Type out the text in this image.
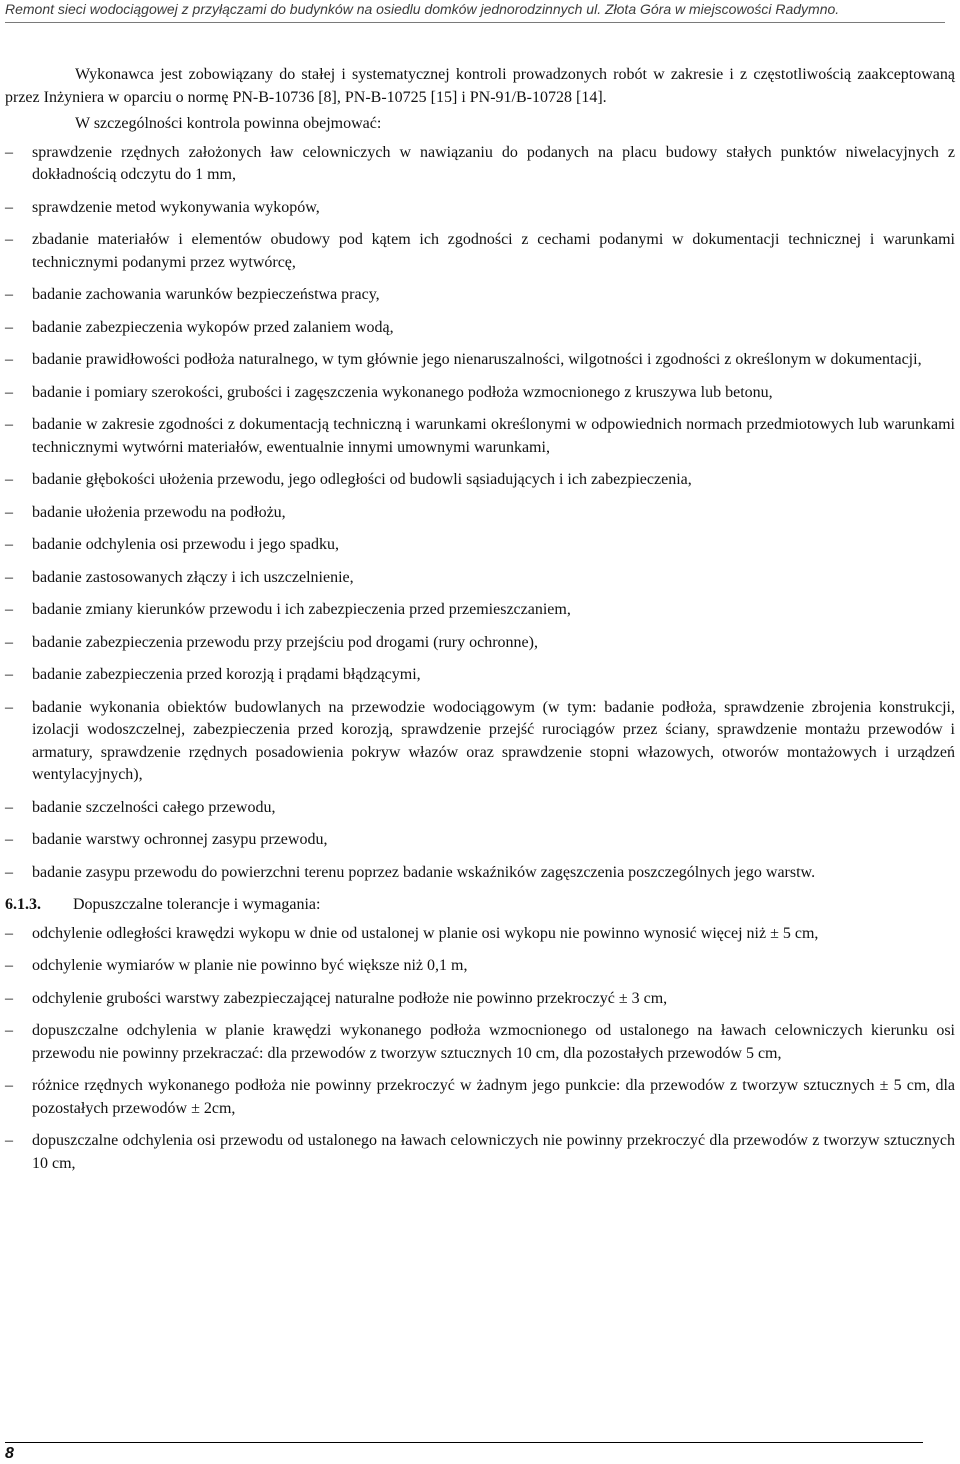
Remont sieci wodociągowej z przyłączami do budynków na osiedlu domków jednorodzinnych ul. Złota Góra w miejscowości Radymno.

Wykonawca jest zobowiązany do stałej i systematycznej kontroli prowadzonych robót w zakresie i z częstotliwością zaakceptowaną przez Inżyniera w oparciu o normę PN-B-10736 [8], PN-B-10725 [15] i PN-91/B-10728 [14].

W szczególności kontrola powinna obejmować:

–	sprawdzenie rzędnych założonych ław celowniczych w nawiązaniu do podanych na placu budowy stałych punktów niwelacyjnych z dokładnością odczytu do 1 mm,
–	sprawdzenie metod wykonywania wykopów,
–	zbadanie materiałów i elementów obudowy pod kątem ich zgodności z cechami podanymi w dokumentacji technicznej i warunkami technicznymi podanymi przez wytwórcę,
–	badanie zachowania warunków bezpieczeństwa pracy,
–	badanie zabezpieczenia wykopów przed zalaniem wodą,
–	badanie prawidłowości podłoża naturalnego, w tym głównie jego nienaruszalności, wilgotności i zgodności z określonym w dokumentacji,
–	badanie i pomiary szerokości, grubości i zagęszczenia wykonanego podłoża wzmocnionego z kruszywa lub betonu,
–	badanie w zakresie zgodności z dokumentacją techniczną i warunkami określonymi w odpowiednich normach przedmiotowych lub warunkami technicznymi wytwórni materiałów, ewentualnie innymi umownymi warunkami,
–	badanie głębokości ułożenia przewodu, jego odległości od budowli sąsiadujących i ich zabezpieczenia,
–	badanie ułożenia przewodu na podłożu,
–	badanie odchylenia osi przewodu i jego spadku,
–	badanie zastosowanych złączy i ich uszczelnienie,
–	badanie zmiany kierunków przewodu i ich zabezpieczenia przed przemieszczaniem,
–	badanie zabezpieczenia przewodu przy przejściu pod drogami (rury ochronne),
–	badanie zabezpieczenia przed korozją i prądami błądzącymi,
–	badanie wykonania obiektów budowlanych na przewodzie wodociągowym (w tym: badanie podłoża, sprawdzenie zbrojenia konstrukcji, izolacji wodoszczelnej, zabezpieczenia przed korozją, sprawdzenie przejść rurociągów przez ściany, sprawdzenie montażu przewodów i armatury, sprawdzenie rzędnych posadowienia pokryw włazów oraz sprawdzenie stopni włazowych, otworów montażowych i urządzeń wentylacyjnych),
–	badanie szczelności całego przewodu,
–	badanie warstwy ochronnej zasypu przewodu,
–	badanie zasypu przewodu do powierzchni terenu poprzez badanie wskaźników zagęszczenia poszczególnych jego warstw.
6.1.3. Dopuszczalne tolerancje i wymagania:
–	odchylenie odległości krawędzi wykopu w dnie od ustalonej w planie osi wykopu nie powinno wynosić więcej niż ± 5 cm,
–	odchylenie wymiarów w planie nie powinno być większe niż 0,1 m,
–	odchylenie grubości warstwy zabezpieczającej naturalne podłoże nie powinno przekroczyć ± 3 cm,
–	dopuszczalne odchylenia w planie krawędzi wykonanego podłoża wzmocnionego od ustalonego na ławach celowniczych kierunku osi przewodu nie powinny przekraczać: dla przewodów z tworzyw sztucznych 10 cm, dla pozostałych przewodów 5 cm,
–	różnice rzędnych wykonanego podłoża nie powinny przekroczyć w żadnym jego punkcie: dla przewodów z tworzyw sztucznych ± 5 cm, dla pozostałych przewodów ± 2cm,
–	dopuszczalne odchylenia osi przewodu od ustalonego na ławach celowniczych nie powinny przekroczyć dla przewodów z tworzyw sztucznych 10 cm,
8
